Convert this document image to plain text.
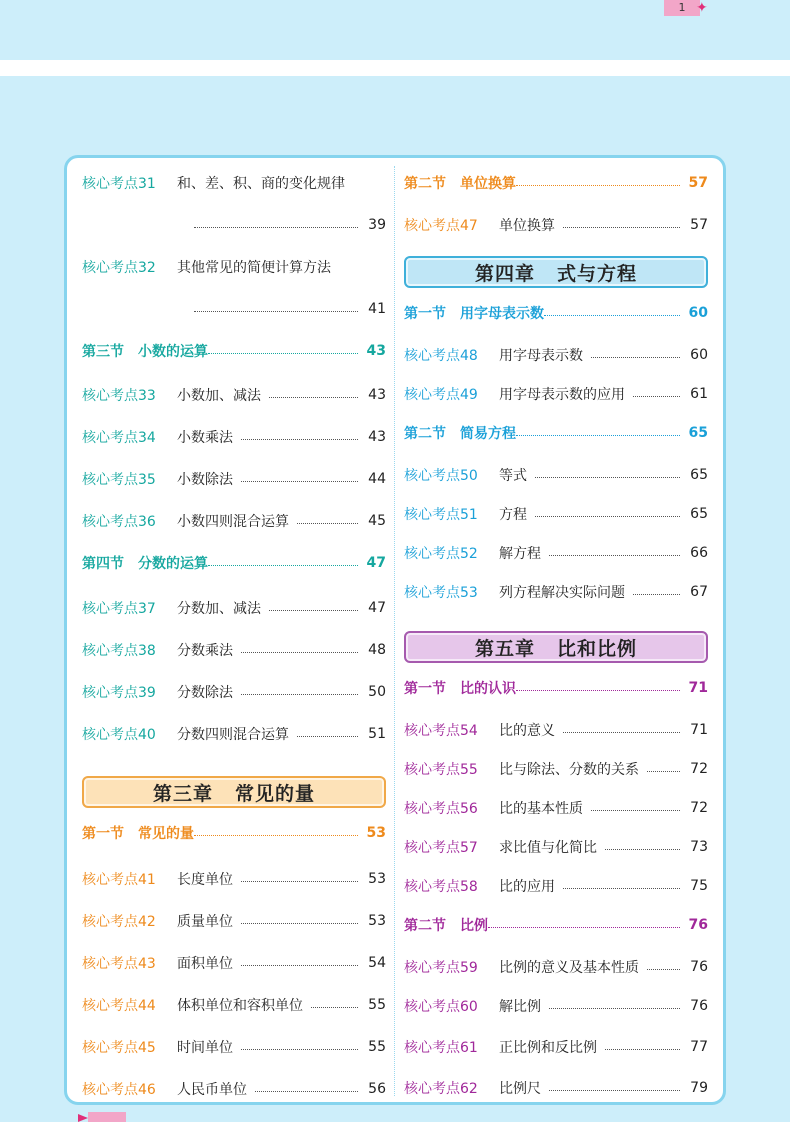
1 ✦
核心考点31	和、差、积、商的变化规律
39
核心考点32	其他常见的简便计算方法
41
第三节 小数的运算	43
核心考点33	小数加、减法	43
核心考点34	小数乘法	43
核心考点35	小数除法	44
核心考点36	小数四则混合运算	45
第四节 分数的运算	47
核心考点37	分数加、减法	47
核心考点38	分数乘法	48
核心考点39	分数除法	50
核心考点40	分数四则混合运算	51
第三章 常见的量
第一节 常见的量	53
核心考点41	长度单位	53
核心考点42	质量单位	53
核心考点43	面积单位	54
核心考点44	体积单位和容积单位	55
核心考点45	时间单位	55
核心考点46	人民币单位	56
第二节 单位换算	57
核心考点47	单位换算	57
第四章 式与方程
第一节 用字母表示数	60
核心考点48	用字母表示数	60
核心考点49	用字母表示数的应用	61
第二节 简易方程	65
核心考点50	等式	65
核心考点51	方程	65
核心考点52	解方程	66
核心考点53	列方程解决实际问题	67
第五章 比和比例
第一节 比的认识	71
核心考点54	比的意义	71
核心考点55	比与除法、分数的关系	72
核心考点56	比的基本性质	72
核心考点57	求比值与化简比	73
核心考点58	比的应用	75
第二节 比例	76
核心考点59	比例的意义及基本性质	76
核心考点60	解比例	76
核心考点61	正比例和反比例	77
核心考点62	比例尺	79
